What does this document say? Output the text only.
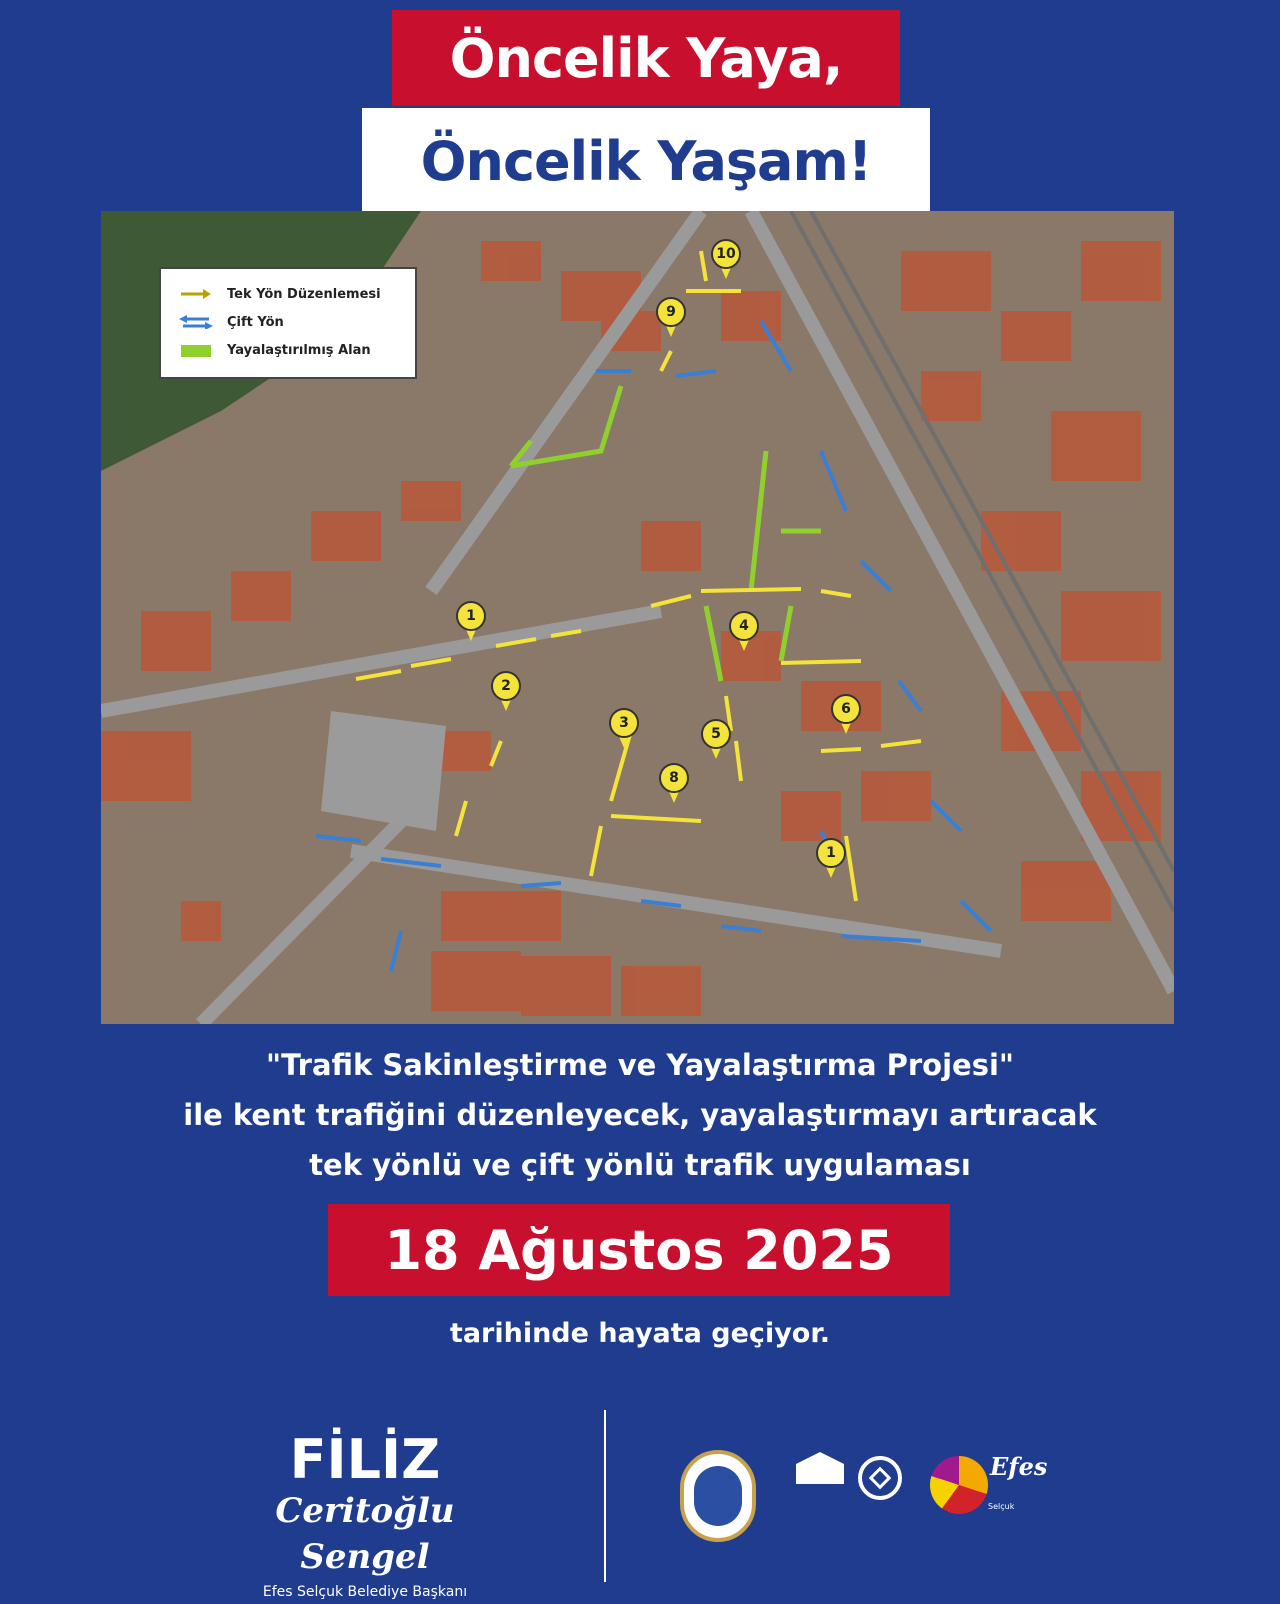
Öncelik Yaya,
Öncelik Yaşam!
Tek Yön Düzenlemesi
Çift Yön
Yayalaştırılmış Alan
1
2
3
4
5
6
8
9
10
1
"Trafik Sakinleştirme ve Yayalaştırma Projesi"
ile kent trafiğini düzenleyecek, yayalaştırmayı artıracak
tek yönlü ve çift yönlü trafik uygulaması
18 Ağustos 2025
tarihinde hayata geçiyor.
FİLİZ
Ceritoğlu Sengel
Efes Selçuk Belediye Başkanı
Efes
Selçuk
